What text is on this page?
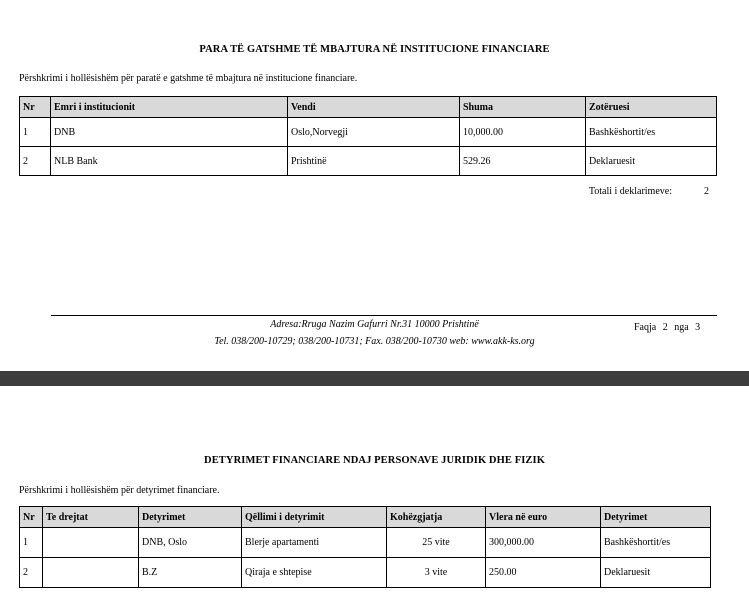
PARA TË GATSHME TË MBAJTURA NË INSTITUCIONE FINANCIARE
Përshkrimi i hollësishëm për paratë e gatshme të mbajtura në institucione financiare.
Nr	Emri i institucionit	Vendi	Shuma	Zotëruesi
1	DNB	Oslo,Norvegji	10,000.00	Bashkëshortit/es
2	NLB Bank	Prishtinë	529.26	Deklaruesit
Totali i deklarimeve:	2
Adresa:Rruga Nazim Gafurri Nr.31 10000 Prishtinë
Tel. 038/200-10729; 038/200-10731; Fax. 038/200-10730 web: www.akk-ks.org
Faqja 2 nga 3
DETYRIMET FINANCIARE NDAJ PERSONAVE JURIDIK DHE FIZIK
Përshkrimi i hollësishëm për detyrimet financiare.
Nr	Te drejtat	Detyrimet	Qëllimi i detyrimit	Kohëzgjatja	Vlera në euro	Detyrimet
1		DNB, Oslo	Blerje apartamenti	25 vite	300,000.00	Bashkëshortit/es
2		B.Z	Qiraja e shtepise	3 vite	250.00	Deklaruesit
